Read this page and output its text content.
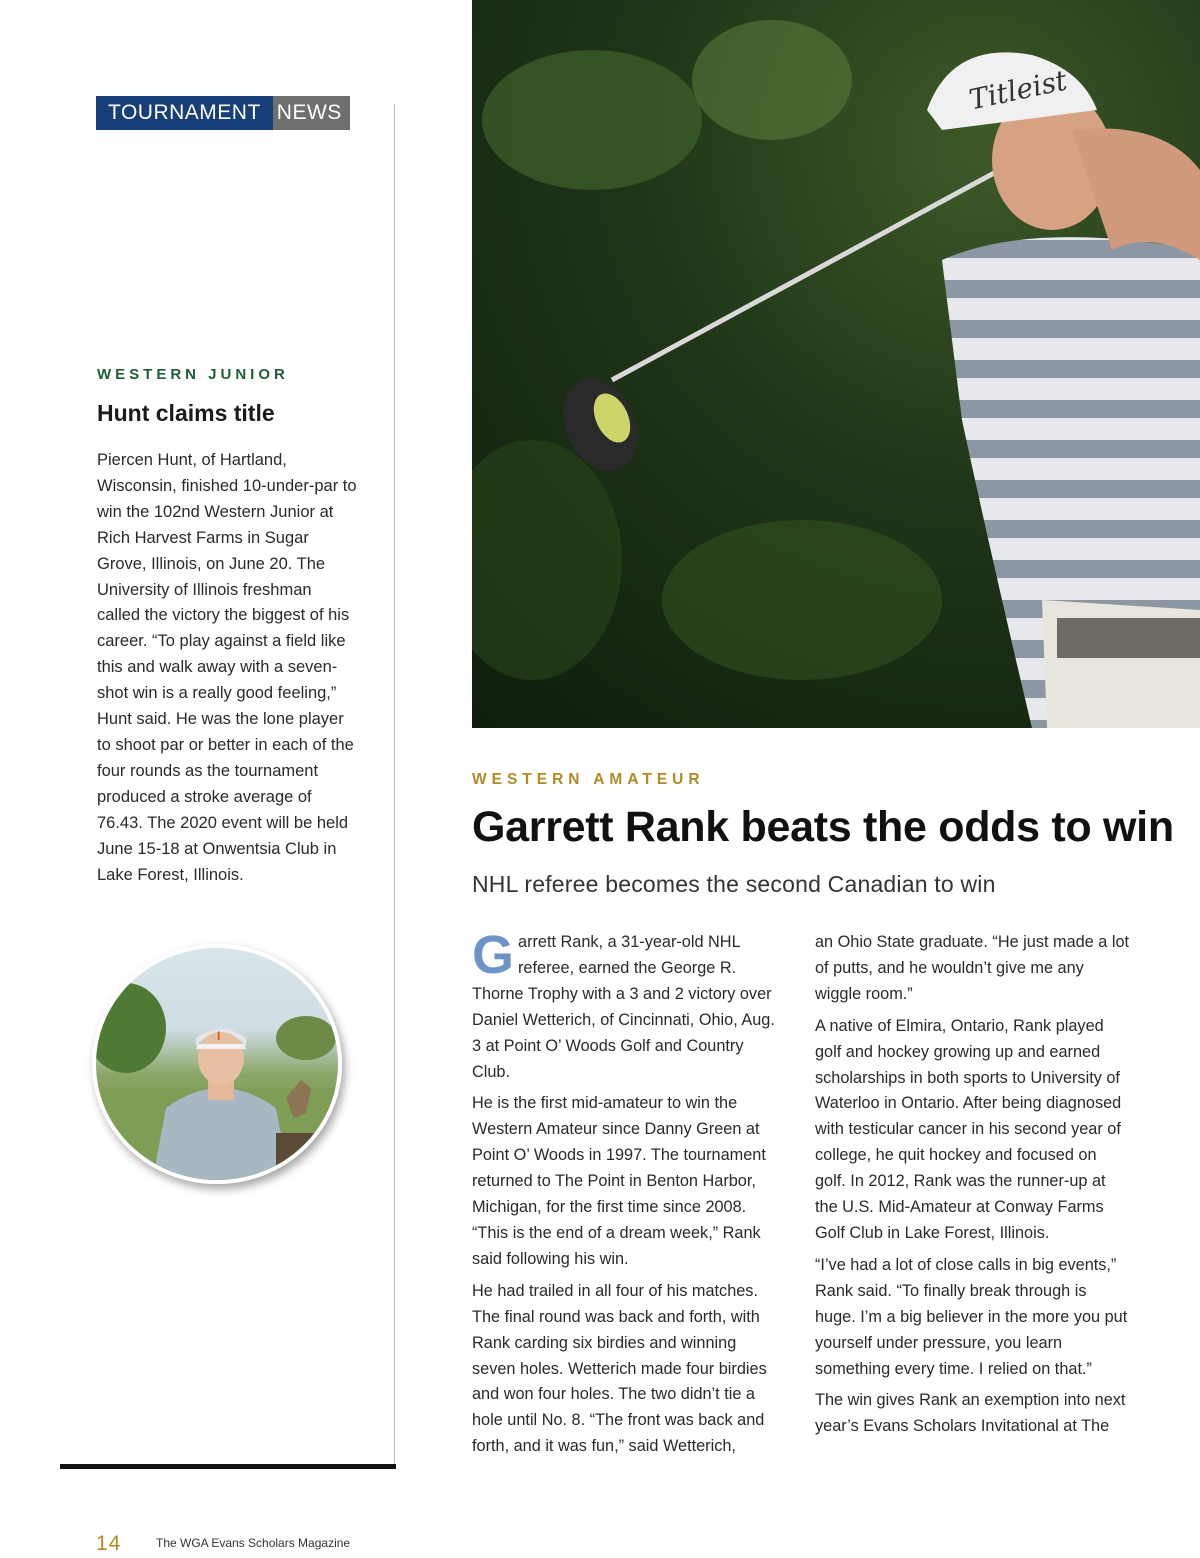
TOURNAMENT NEWS
WESTERN JUNIOR
Hunt claims title
Piercen Hunt, of Hartland, Wisconsin, finished 10-under-par to win the 102nd Western Junior at Rich Harvest Farms in Sugar Grove, Illinois, on June 20. The University of Illinois freshman called the victory the biggest of his career. “To play against a field like this and walk away with a seven-shot win is a really good feeling,” Hunt said. He was the lone player to shoot par or better in each of the four rounds as the tournament produced a stroke average of 76.43. The 2020 event will be held June 15-18 at Onwentsia Club in Lake Forest, Illinois.
I
Titleist
WESTERN AMATEUR
Garrett Rank beats the odds to win
NHL referee becomes the second Canadian to win

Garrett Rank, a 31-year-old NHL referee, earned the George R. Thorne Trophy with a 3 and 2 victory over Daniel Wetterich, of Cincinnati, Ohio, Aug. 3 at Point O’ Woods Golf and Country Club.

He is the first mid-amateur to win the Western Amateur since Danny Green at Point O’ Woods in 1997. The tournament returned to The Point in Benton Harbor, Michigan, for the first time since 2008. “This is the end of a dream week,” Rank said following his win.

He had trailed in all four of his matches. The final round was back and forth, with Rank carding six birdies and winning seven holes. Wetterich made four birdies and won four holes. The two didn’t tie a hole until No. 8. “The front was back and forth, and it was fun,” said Wetterich,

an Ohio State graduate. “He just made a lot of putts, and he wouldn’t give me any wiggle room.”

A native of Elmira, Ontario, Rank played golf and hockey growing up and earned scholarships in both sports to University of Waterloo in Ontario. After being diagnosed with testicular cancer in his second year of college, he quit hockey and focused on golf. In 2012, Rank was the runner-up at the U.S. Mid-Amateur at Conway Farms Golf Club in Lake Forest, Illinois.

“I’ve had a lot of close calls in big events,” Rank said. “To finally break through is huge. I’m a big believer in the more you put yourself under pressure, you learn something every time. I relied on that.”

The win gives Rank an exemption into next year’s Evans Scholars Invitational at The

14	The WGA Evans Scholars Magazine
